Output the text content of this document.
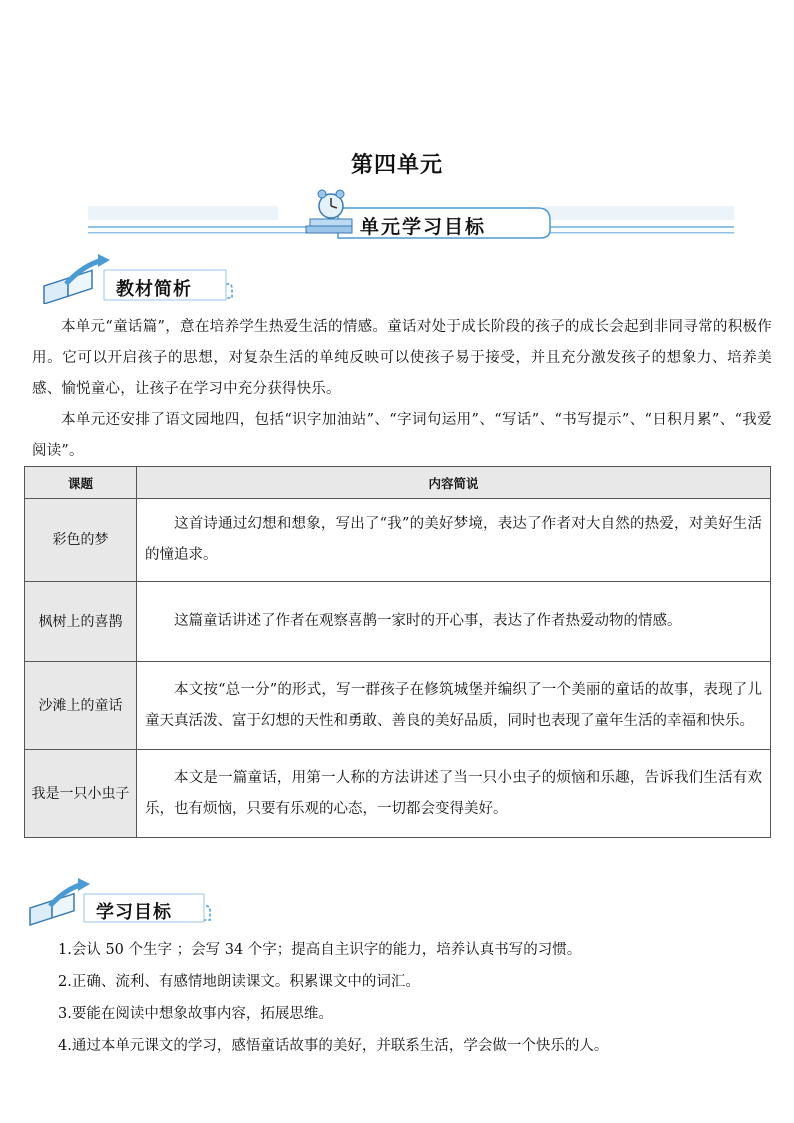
第四单元
单元学习目标
教材简析
本单元“童话篇”，意在培养学生热爱生活的情感。童话对处于成长阶段的孩子的成长会起到非同寻常的积极作用。它可以开启孩子的思想，对复杂生活的单纯反映可以使孩子易于接受，并且充分激发孩子的想象力、培养美感、愉悦童心，让孩子在学习中充分获得快乐。
本单元还安排了语文园地四，包括“识字加油站”、“字词句运用”、“写话”、“书写提示”、“日积月累”、“我爱阅读”。
课题	内容简说
彩色的梦	这首诗通过幻想和想象，写出了“我”的美好梦境，表达了作者对大自然的热爱，对美好生活的憧追求。
枫树上的喜鹊	这篇童话讲述了作者在观察喜鹊一家时的开心事，表达了作者热爱动物的情感。
沙滩上的童话	本文按“总一分”的形式，写一群孩子在修筑城堡并编织了一个美丽的童话的故事，表现了儿童天真活泼、富于幻想的天性和勇敢、善良的美好品质，同时也表现了童年生活的幸福和快乐。
我是一只小虫子	本文是一篇童话，用第一人称的方法讲述了当一只小虫子的烦恼和乐趣，告诉我们生活有欢乐，也有烦恼，只要有乐观的心态，一切都会变得美好。
学习目标
1.会认 50 个生字 ；会写 34 个字；提高自主识字的能力，培养认真书写的习惯。
2.正确、流利、有感情地朗读课文。积累课文中的词汇。
3.要能在阅读中想象故事内容，拓展思维。
4.通过本单元课文的学习，感悟童话故事的美好，并联系生活，学会做一个快乐的人。
